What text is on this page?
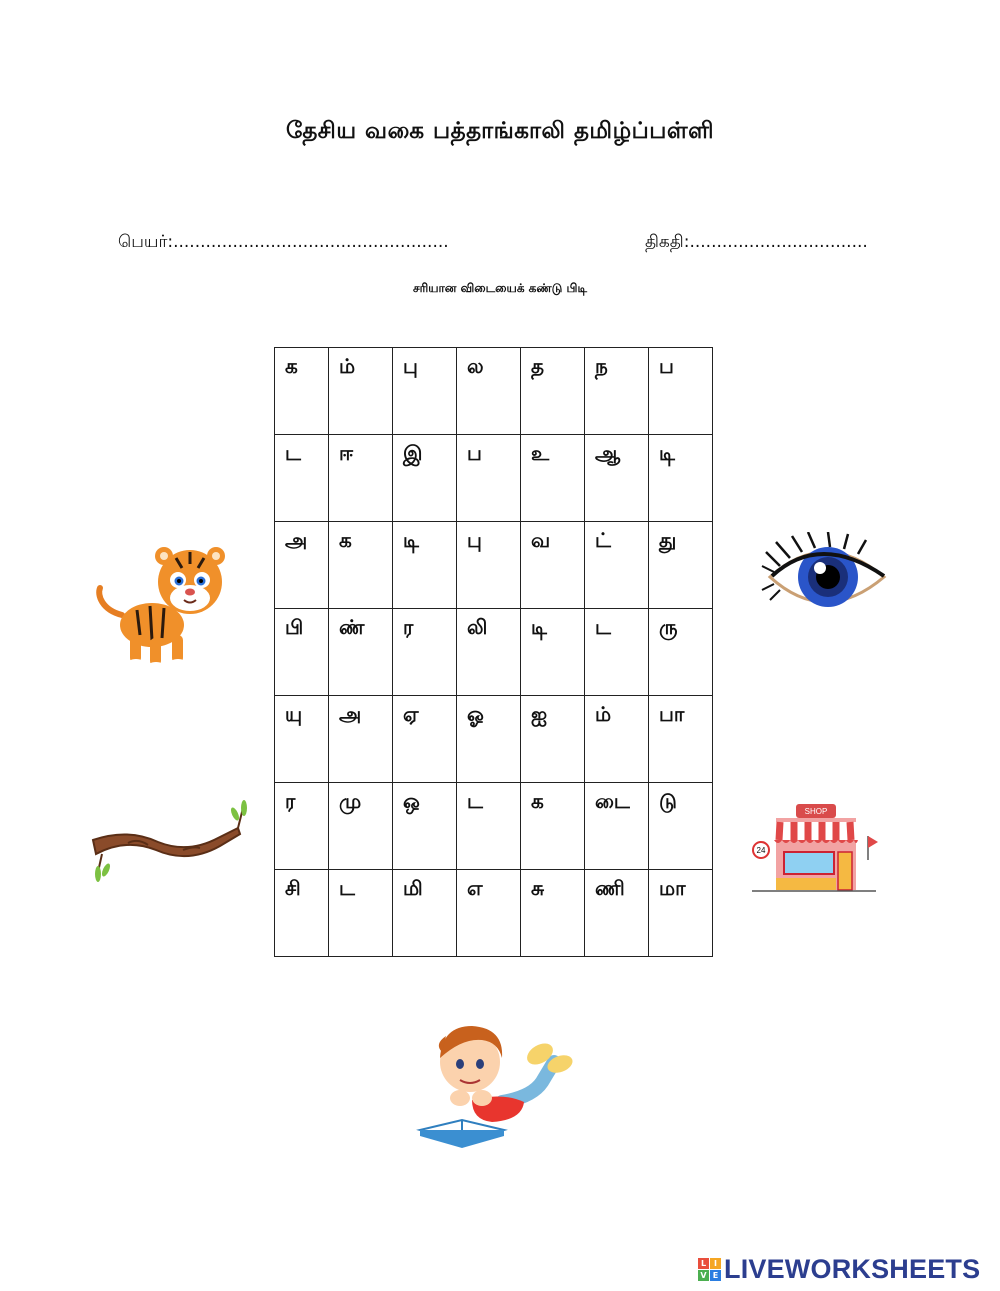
தேசிய வகை பத்தாங்காலி தமிழ்ப்பள்ளி
பெயர்:...................................................	திகதி:.................................
சரியான விடையைக் கண்டு பிடி
க	ம்	பு	ல	த	ந	ப
ட	ஈ	இ	ப	உ	ஆ	டி
அ	க	டி	பு	வ	ட்	து
பி	ண்	ர	லி	டி	ட	ரு
யு	அ	ஏ	ஓ	ஐ	ம்	பா
ர	மு	ஒ	ட	க	டை	டு
சி	ட	மி	எ	சு	ணி	மா
SHOP
24
L I
V E LIVEWORKSHEETS
